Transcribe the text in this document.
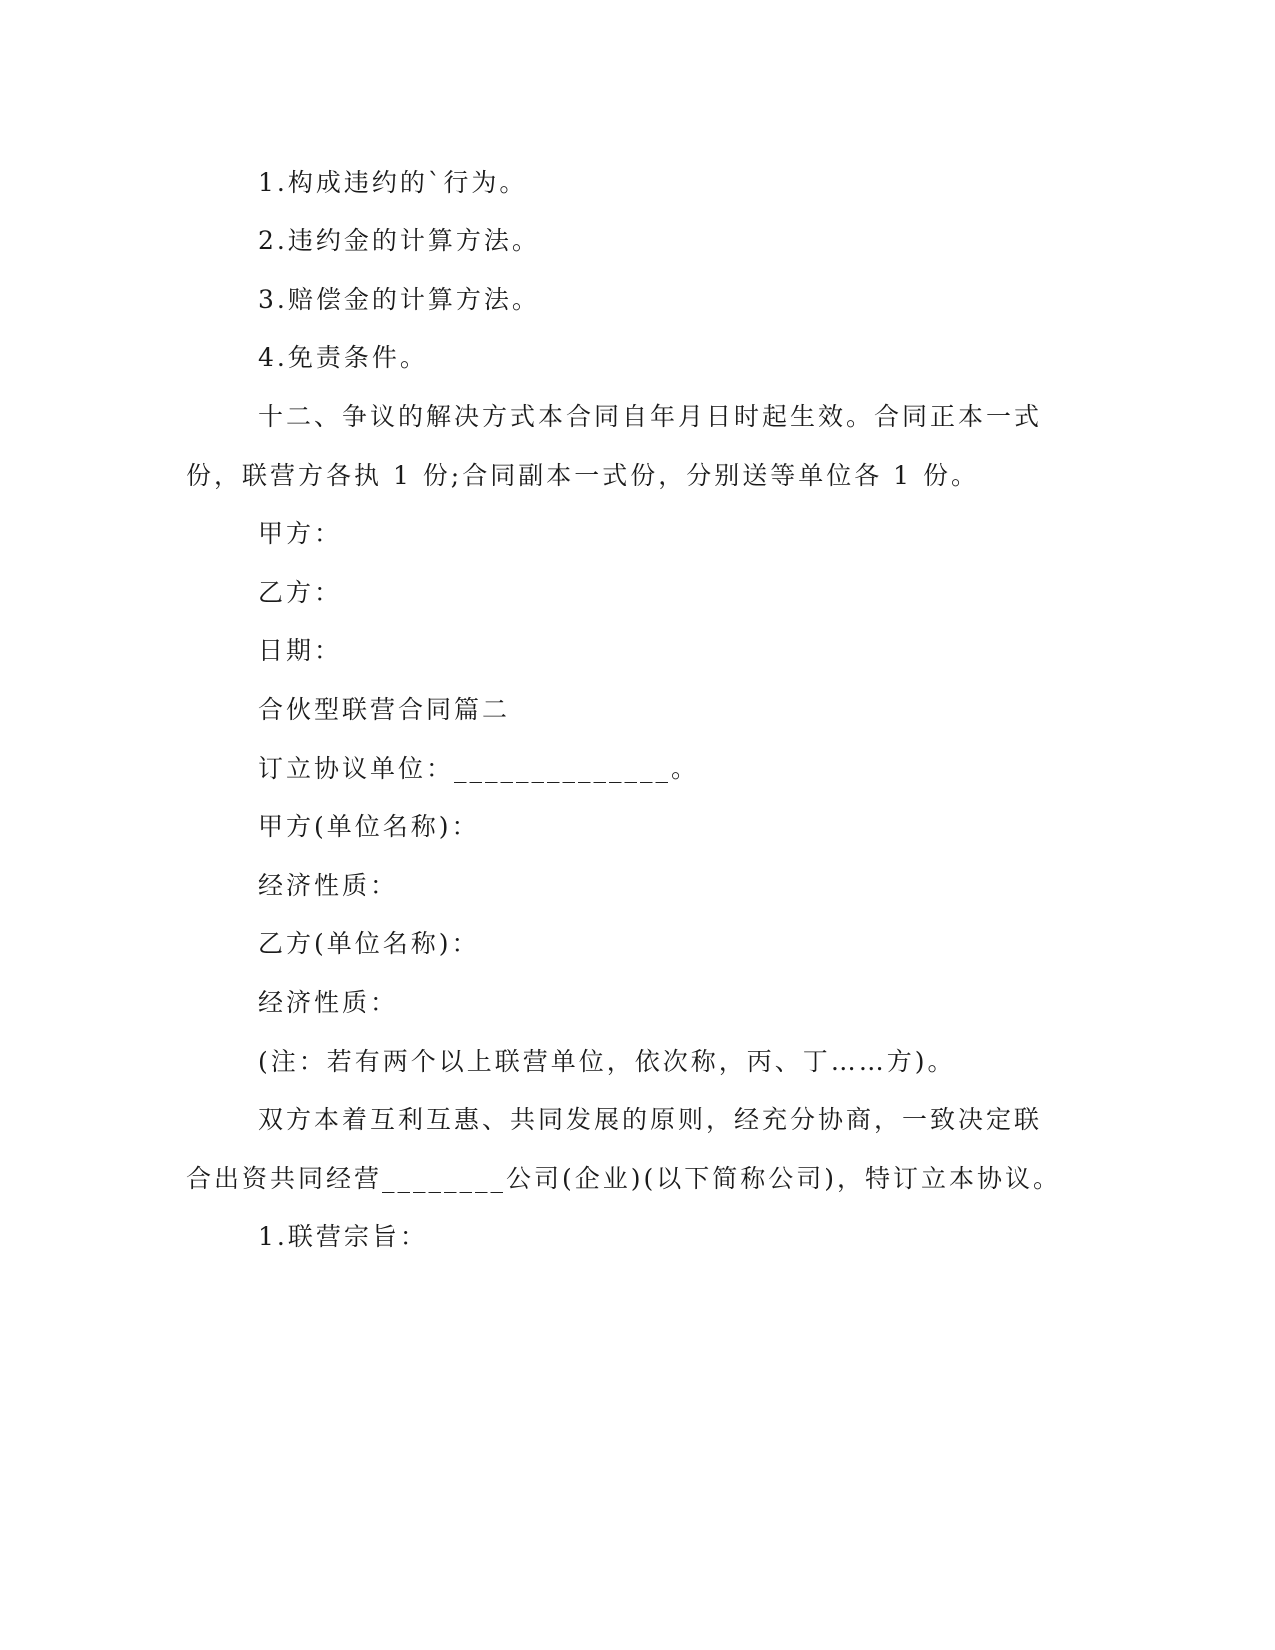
1.构成违约的`行为。
2.违约金的计算方法。
3.赔偿金的计算方法。
4.免责条件。
十二、争议的解决方式本合同自年月日时起生效。合同正本一式
份，联营方各执 1 份;合同副本一式份，分别送等单位各 1 份。
甲方：
乙方：
日期：
合伙型联营合同篇二
订立协议单位：______________。
甲方(单位名称)：
经济性质：
乙方(单位名称)：
经济性质：
(注：若有两个以上联营单位，依次称，丙、丁……方)。
双方本着互利互惠、共同发展的原则，经充分协商，一致决定联
合出资共同经营________公司(企业)(以下简称公司)，特订立本协议。
1.联营宗旨：
